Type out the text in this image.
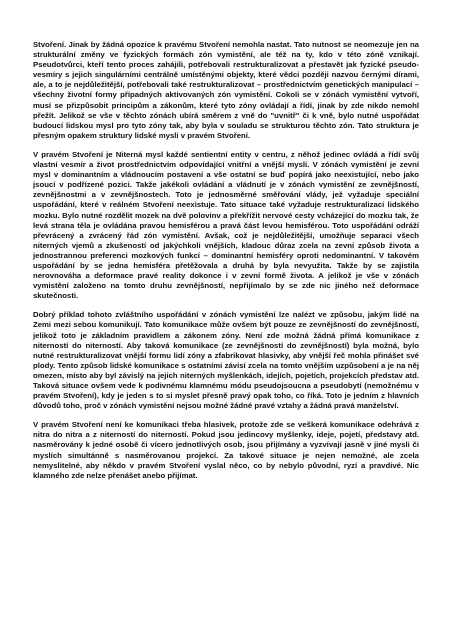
Stvoření. Jinak by žádná opozice k pravému Stvoření nemohla nastat. Tato nutnost se neomezuje jen na strukturální změny ve fyzických formách zón vymistění, ale též na ty, kdo v této zóně vznikají. Pseudotvůrci, kteří tento proces zahájili, potřebovali restrukturalizovat a přestavět jak fyzické pseudo-vesmíry s jejich singulárními centrálně umístěnými objekty, které vědci později nazvou černými dírami, ale, a to je nejdůležitější, potřebovali také restrukturalizovat – prostřednictvím genetických manipulací – všechny životní formy případných aktivovaných zón vymistění. Cokoli se v zónách vymistění vytvoří, musí se přizpůsobit principům a zákonům, které tyto zóny ovládají a řídí, jinak by zde nikdo nemohl přežít. Jelikož se vše v těchto zónách ubírá směrem z vně do "uvnitř" či k vně, bylo nutné uspořádat budoucí lidskou mysl pro tyto zóny tak, aby byla v souladu se strukturou těchto zón. Tato struktura je přesným opakem struktury lidské mysli v pravém Stvoření.

V pravém Stvoření je Niterná mysl každé sentientní entity v centru, z něhož jedinec ovládá a řídí svůj vlastní vesmír a život prostřednictvím odpovídající vnitřní a vnější mysli. V zónách vymistění je zevní mysl v dominantním a vládnoucím postavení a vše ostatní se buď popírá jako neexistující, nebo jako jsoucí v podřízené pozici. Takže jakékoli ovládání a vládnutí je v zónách vymistění ze zevnějšností, zevnějšnostmi a v zevnějšnostech. Toto je jednosměrné směřování vlády, jež vyžaduje speciální uspořádání, které v reálném Stvoření neexistuje. Tato situace také vyžaduje restrukturalizaci lidského mozku. Bylo nutné rozdělit mozek na dvě polovinv a překřížit nervové cesty vcházející do mozku tak, že levá strana těla je ovládána pravou hemisférou a pravá část levou hemisférou. Toto uspořádání odráží převrácený a zvrácený řád zón vymistění. Avšak, což je nejdůležitější, umožňuje separaci všech niterných vjemů a zkušeností od jakýchkoli vnějších, kladouc důraz zcela na zevní způsob života a jednostrannou preferenci mozkových funkcí – dominantní hemisféry oproti nedominantní. V takovém uspořádání by se jedna hemisféra přetěžovala a druhá by byla nevyužita. Takže by se zajistila nerovnováha a deformace pravé reality dokonce i v zevní formě života. A jelikož je vše v zónách vymistění založeno na tomto druhu zevnějšností, nepřijímalo by se zde nic jiného než deformace skutečnosti.

Dobrý příklad tohoto zvláštního uspořádání v zónách vymistění lze nalézt ve způsobu, jakým lidé na Zemi mezi sebou komunikují. Tato komunikace může ovšem být pouze ze zevnějšností do zevnějšností, jelikož toto je základním pravidlem a zákonem zóny. Není zde možná žádná přímá komunikace z niterností do niterností. Aby taková komunikace (ze zevnějšností do zevnějšností) byla možná, bylo nutné restrukturalizovat vnější formu lidí zóny a zfabrikovat hlasivky, aby vnější řeč mohla přinášet své plody. Tento způsob lidské komunikace s ostatními závisí zcela na tomto vnějším uzpůsobení a je na něj omezen, místo aby byl závislý na jejich niterných myšlenkách, idejích, pojetích, projekcích představ atd. Taková situace ovšem vede k podivnému klamnému módu pseudojsoucna a pseudobytí (nemožnému v pravém Stvoření), kdy je jeden s to si myslet přesně pravý opak toho, co říká. Toto je jedním z hlavních důvodů toho, proč v zónách vymistění nejsou možné žádné pravé vztahy a žádná pravá manželství.

V pravém Stvoření není ke komunikaci třeba hlasivek, protože zde se veškerá komunikace odehrává z nitra do nitra a z niterností do niterností. Pokud jsou jedincovy myšlenky, ideje, pojetí, představy atd. nasměrovány k jedné osobě či vícero jednotlivých osob, jsou přijímány a vyzvívají jasně v jiné mysli či myslích simultánně s nasměrovanou projekcí. Za takové situace je nejen nemožné, ale zcela nemyslitelné, aby někdo v pravém Stvoření vyslal něco, co by nebylo původní, ryzí a pravdivé. Nic klamného zde nelze přenášet anebo přijímat.
